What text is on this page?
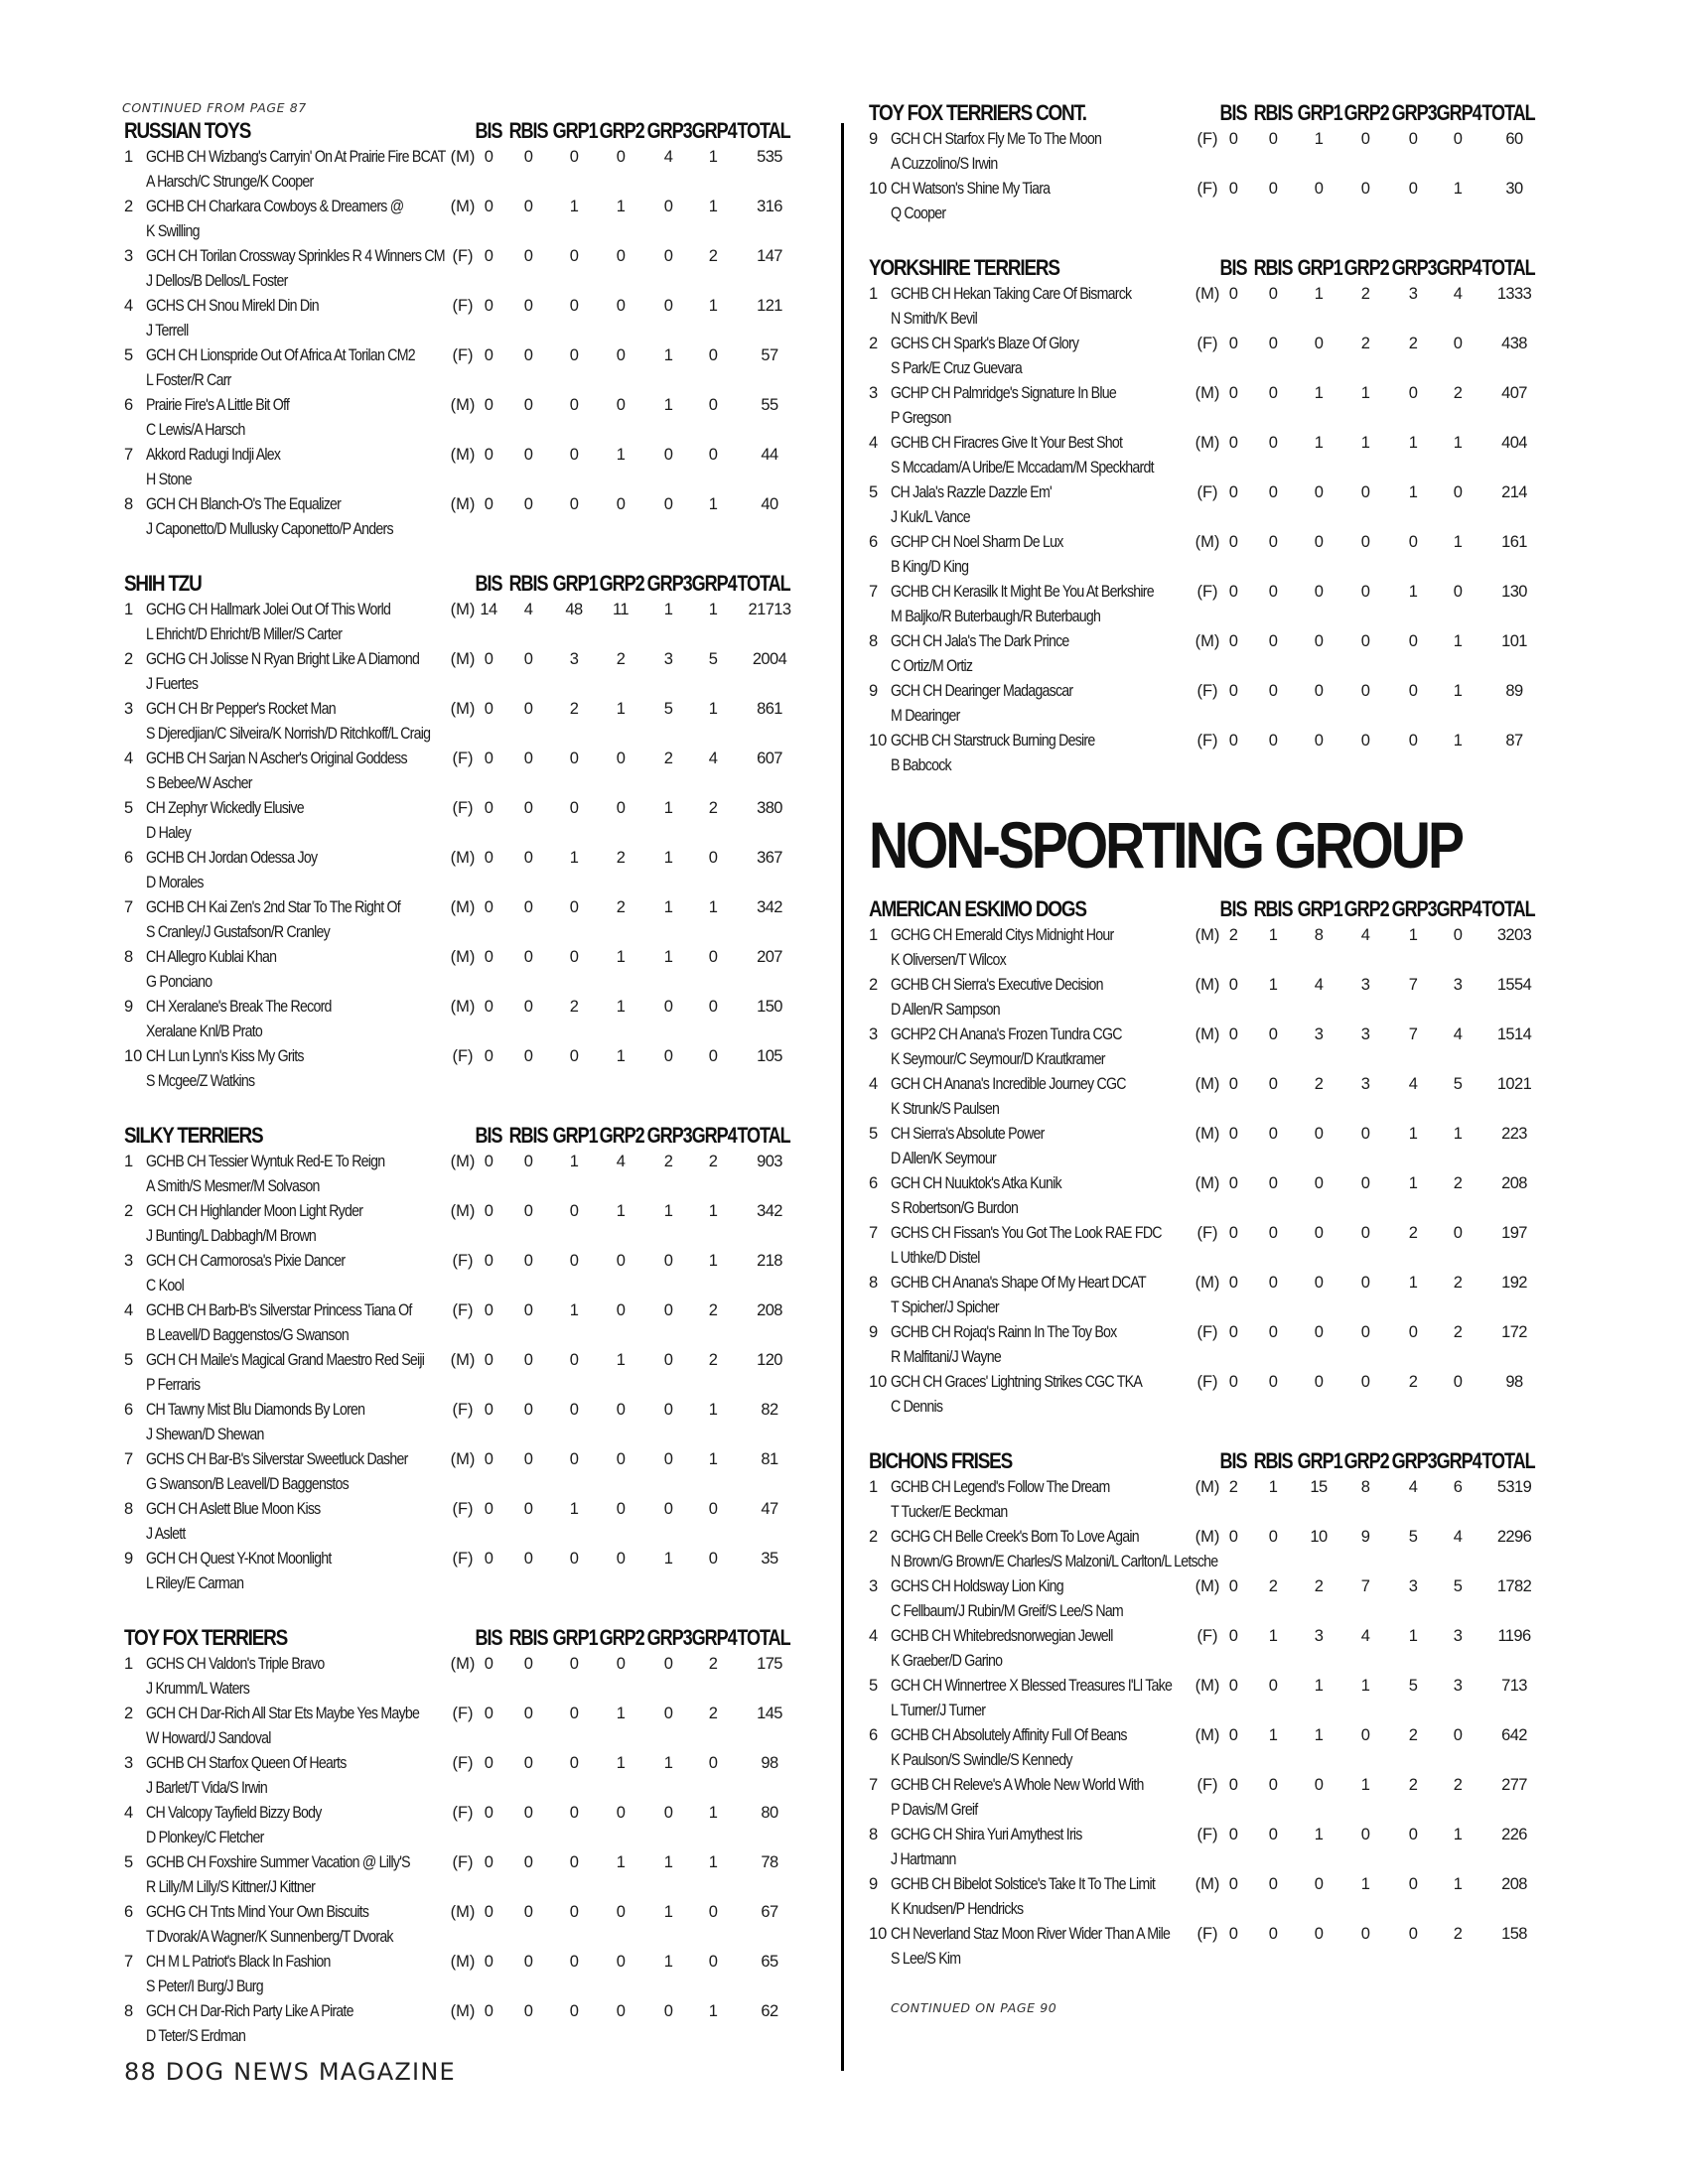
CONTINUED FROM PAGE 87
RUSSIAN TOYS	BIS RBIS GRP1 GRP2 GRP3 GRP4 TOTAL
1 GCHB CH Wizbang's Carryin' On At Prairie Fire BCAT
A Harsch/C Strunge/K Cooper
(M) 0	0	0	0	4	1	535
2 GCHB CH Charkara Cowboys & Dreamers @
K Swilling
(M) 0	0	1	1	0	1	316
3 GCH CH Torilan Crossway Sprinkles R 4 Winners CM
J Dellos/B Dellos/L Foster
(F) 0	0	0	0	0	2	147
4 GCHS CH Snou Mirekl Din Din
J Terrell
(F) 0	0	0	0	0	1	121
5 GCH CH Lionspride Out Of Africa At Torilan CM2
L Foster/R Carr
(F) 0	0	0	0	1	0	57
6 Prairie Fire's A Little Bit Off
C Lewis/A Harsch
(M) 0	0	0	0	1	0	55
7 Akkord Radugi Indji Alex
H Stone
(M) 0	0	0	1	0	0	44
8 GCH CH Blanch-O's The Equalizer
J Caponetto/D Mullusky Caponetto/P Anders
(M) 0	0	0	0	0	1	40
SHIH TZU	BIS RBIS GRP1 GRP2 GRP3 GRP4 TOTAL
1 GCHG CH Hallmark Jolei Out Of This World
L Ehricht/D Ehricht/B Miller/S Carter
(M) 14	4	48	11	1	1	21713
2 GCHG CH Jolisse N Ryan Bright Like A Diamond
J Fuertes
(M) 0	0	3	2	3	5	2004
3 GCH CH Br Pepper's Rocket Man
S Djeredjian/C Silveira/K Norrish/D Ritchkoff/L Craig
(M) 0	0	2	1	5	1	861
4 GCHB CH Sarjan N Ascher's Original Goddess
S Bebee/W Ascher
(F) 0	0	0	0	2	4	607
5 CH Zephyr Wickedly Elusive
D Haley
(F) 0	0	0	0	1	2	380
6 GCHB CH Jordan Odessa Joy
D Morales
(M) 0	0	1	2	1	0	367
7 GCHB CH Kai Zen's 2nd Star To The Right Of
S Cranley/J Gustafson/R Cranley
(M) 0	0	0	2	1	1	342
8 CH Allegro Kublai Khan
G Ponciano
(M) 0	0	0	1	1	0	207
9 CH Xeralane's Break The Record
Xeralane Knl/B Prato
(M) 0	0	2	1	0	0	150
10 CH Lun Lynn's Kiss My Grits
S Mcgee/Z Watkins
(F) 0	0	0	1	0	0	105
SILKY TERRIERS	BIS RBIS GRP1 GRP2 GRP3 GRP4 TOTAL
1 GCHB CH Tessier Wyntuk Red-E To Reign
A Smith/S Mesmer/M Solvason
(M) 0	0	1	4	2	2	903
2 GCH CH Highlander Moon Light Ryder
J Bunting/L Dabbagh/M Brown
(M) 0	0	0	1	1	1	342
3 GCH CH Carmorosa's Pixie Dancer
C Kool
(F) 0	0	0	0	0	1	218
4 GCHB CH Barb-B's Silverstar Princess Tiana Of
B Leavell/D Baggenstos/G Swanson
(F) 0	0	1	0	0	2	208
5 GCH CH Maile's Magical Grand Maestro Red Seiji
P Ferraris
(M) 0	0	0	1	0	2	120
6 CH Tawny Mist Blu Diamonds By Loren
J Shewan/D Shewan
(F) 0	0	0	0	0	1	82
7 GCHS CH Bar-B's Silverstar Sweetluck Dasher
G Swanson/B Leavell/D Baggenstos
(M) 0	0	0	0	0	1	81
8 GCH CH Aslett Blue Moon Kiss
J Aslett
(F) 0	0	1	0	0	0	47
9 GCH CH Quest Y-Knot Moonlight
L Riley/E Carman
(F) 0	0	0	0	1	0	35
TOY FOX TERRIERS	BIS RBIS GRP1 GRP2 GRP3 GRP4 TOTAL
1 GCHS CH Valdon's Triple Bravo
J Krumm/L Waters
(M) 0	0	0	0	0	2	175
2 GCH CH Dar-Rich All Star Ets Maybe Yes Maybe
W Howard/J Sandoval
(F) 0	0	0	1	0	2	145
3 GCHB CH Starfox Queen Of Hearts
J Barlet/T Vida/S Irwin
(F) 0	0	0	1	1	0	98
4 CH Valcopy Tayfield Bizzy Body
D Plonkey/C Fletcher
(F) 0	0	0	0	0	1	80
5 GCHB CH Foxshire Summer Vacation @ Lilly'S
R Lilly/M Lilly/S Kittner/J Kittner
(F) 0	0	0	1	1	1	78
6 GCHG CH Tnts Mind Your Own Biscuits
T Dvorak/A Wagner/K Sunnenberg/T Dvorak
(M) 0	0	0	0	1	0	67
7 CH M L Patriot's Black In Fashion
S Peter/I Burg/J Burg
(M) 0	0	0	0	1	0	65
8 GCH CH Dar-Rich Party Like A Pirate
D Teter/S Erdman
(M) 0	0	0	0	0	1	62
TOY FOX TERRIERS CONT.	BIS RBIS GRP1 GRP2 GRP3 GRP4 TOTAL
9 GCH CH Starfox Fly Me To The Moon
A Cuzzolino/S Irwin
(F) 0	0	1	0	0	0	60
10 CH Watson's Shine My Tiara
Q Cooper
(F) 0	0	0	0	0	1	30
YORKSHIRE TERRIERS	BIS RBIS GRP1 GRP2 GRP3 GRP4 TOTAL
1 GCHB CH Hekan Taking Care Of Bismarck
N Smith/K Bevil
(M) 0	0	1	2	3	4	1333
2 GCHS CH Spark's Blaze Of Glory
S Park/E Cruz Guevara
(F) 0	0	0	2	2	0	438
3 GCHP CH Palmridge's Signature In Blue
P Gregson
(M) 0	0	1	1	0	2	407
4 GCHB CH Firacres Give It Your Best Shot
S Mccadam/A Uribe/E Mccadam/M Speckhardt
(M) 0	0	1	1	1	1	404
5 CH Jala's Razzle Dazzle Em'
J Kuk/L Vance
(F) 0	0	0	0	1	0	214
6 GCHP CH Noel Sharm De Lux
B King/D King
(M) 0	0	0	0	0	1	161
7 GCHB CH Kerasilk It Might Be You At Berkshire
M Baljko/R Buterbaugh/R Buterbaugh
(F) 0	0	0	0	1	0	130
8 GCH CH Jala's The Dark Prince
C Ortiz/M Ortiz
(M) 0	0	0	0	0	1	101
9 GCH CH Dearinger Madagascar
M Dearinger
(F) 0	0	0	0	0	1	89
10 GCHB CH Starstruck Burning Desire
B Babcock
(F) 0	0	0	0	0	1	87
NON-SPORTING GROUP
AMERICAN ESKIMO DOGS	BIS RBIS GRP1 GRP2 GRP3 GRP4 TOTAL
1 GCHG CH Emerald Citys Midnight Hour
K Oliversen/T Wilcox
(M) 2	1	8	4	1	0	3203
2 GCHB CH Sierra's Executive Decision
D Allen/R Sampson
(M) 0	1	4	3	7	3	1554
3 GCHP2 CH Anana's Frozen Tundra CGC
K Seymour/C Seymour/D Krautkramer
(M) 0	0	3	3	7	4	1514
4 GCH CH Anana's Incredible Journey CGC
K Strunk/S Paulsen
(M) 0	0	2	3	4	5	1021
5 CH Sierra's Absolute Power
D Allen/K Seymour
(M) 0	0	0	0	1	1	223
6 GCH CH Nuuktok's Atka Kunik
S Robertson/G Burdon
(M) 0	0	0	0	1	2	208
7 GCHS CH Fissan's You Got The Look RAE FDC
L Uthke/D Distel
(F) 0	0	0	0	2	0	197
8 GCHB CH Anana's Shape Of My Heart DCAT
T Spicher/J Spicher
(M) 0	0	0	0	1	2	192
9 GCHB CH Rojaq's Rainn In The Toy Box
R Malfitani/J Wayne
(F) 0	0	0	0	0	2	172
10 GCH CH Graces' Lightning Strikes CGC TKA
C Dennis
(F) 0	0	0	0	2	0	98
BICHONS FRISES	BIS RBIS GRP1 GRP2 GRP3 GRP4 TOTAL
1 GCHB CH Legend's Follow The Dream
T Tucker/E Beckman
(M) 2	1	15	8	4	6	5319
2 GCHG CH Belle Creek's Born To Love Again
N Brown/G Brown/E Charles/S Malzoni/L Carlton/L Letsche
(M) 0	0	10	9	5	4	2296
3 GCHS CH Holdsway Lion King
C Fellbaum/J Rubin/M Greif/S Lee/S Nam
(M) 0	2	2	7	3	5	1782
4 GCHB CH Whitebredsnorwegian Jewell
K Graeber/D Garino
(F) 0	1	3	4	1	3	1196
5 GCH CH Winnertree X Blessed Treasures I'Ll Take
L Turner/J Turner
(M) 0	0	1	1	5	3	713
6 GCHB CH Absolutely Affinity Full Of Beans
K Paulson/S Swindle/S Kennedy
(M) 0	1	1	0	2	0	642
7 GCHB CH Releve's A Whole New World With
P Davis/M Greif
(F) 0	0	0	1	2	2	277
8 GCHG CH Shira Yuri Amythest Iris
J Hartmann
(F) 0	0	1	0	0	1	226
9 GCHB CH Bibelot Solstice's Take It To The Limit
K Knudsen/P Hendricks
(M) 0	0	0	1	0	1	208
10 CH Neverland Staz Moon River Wider Than A Mile
S Lee/S Kim
(F) 0	0	0	0	0	2	158
CONTINUED ON PAGE 90
88 DOG NEWS MAGAZINE
